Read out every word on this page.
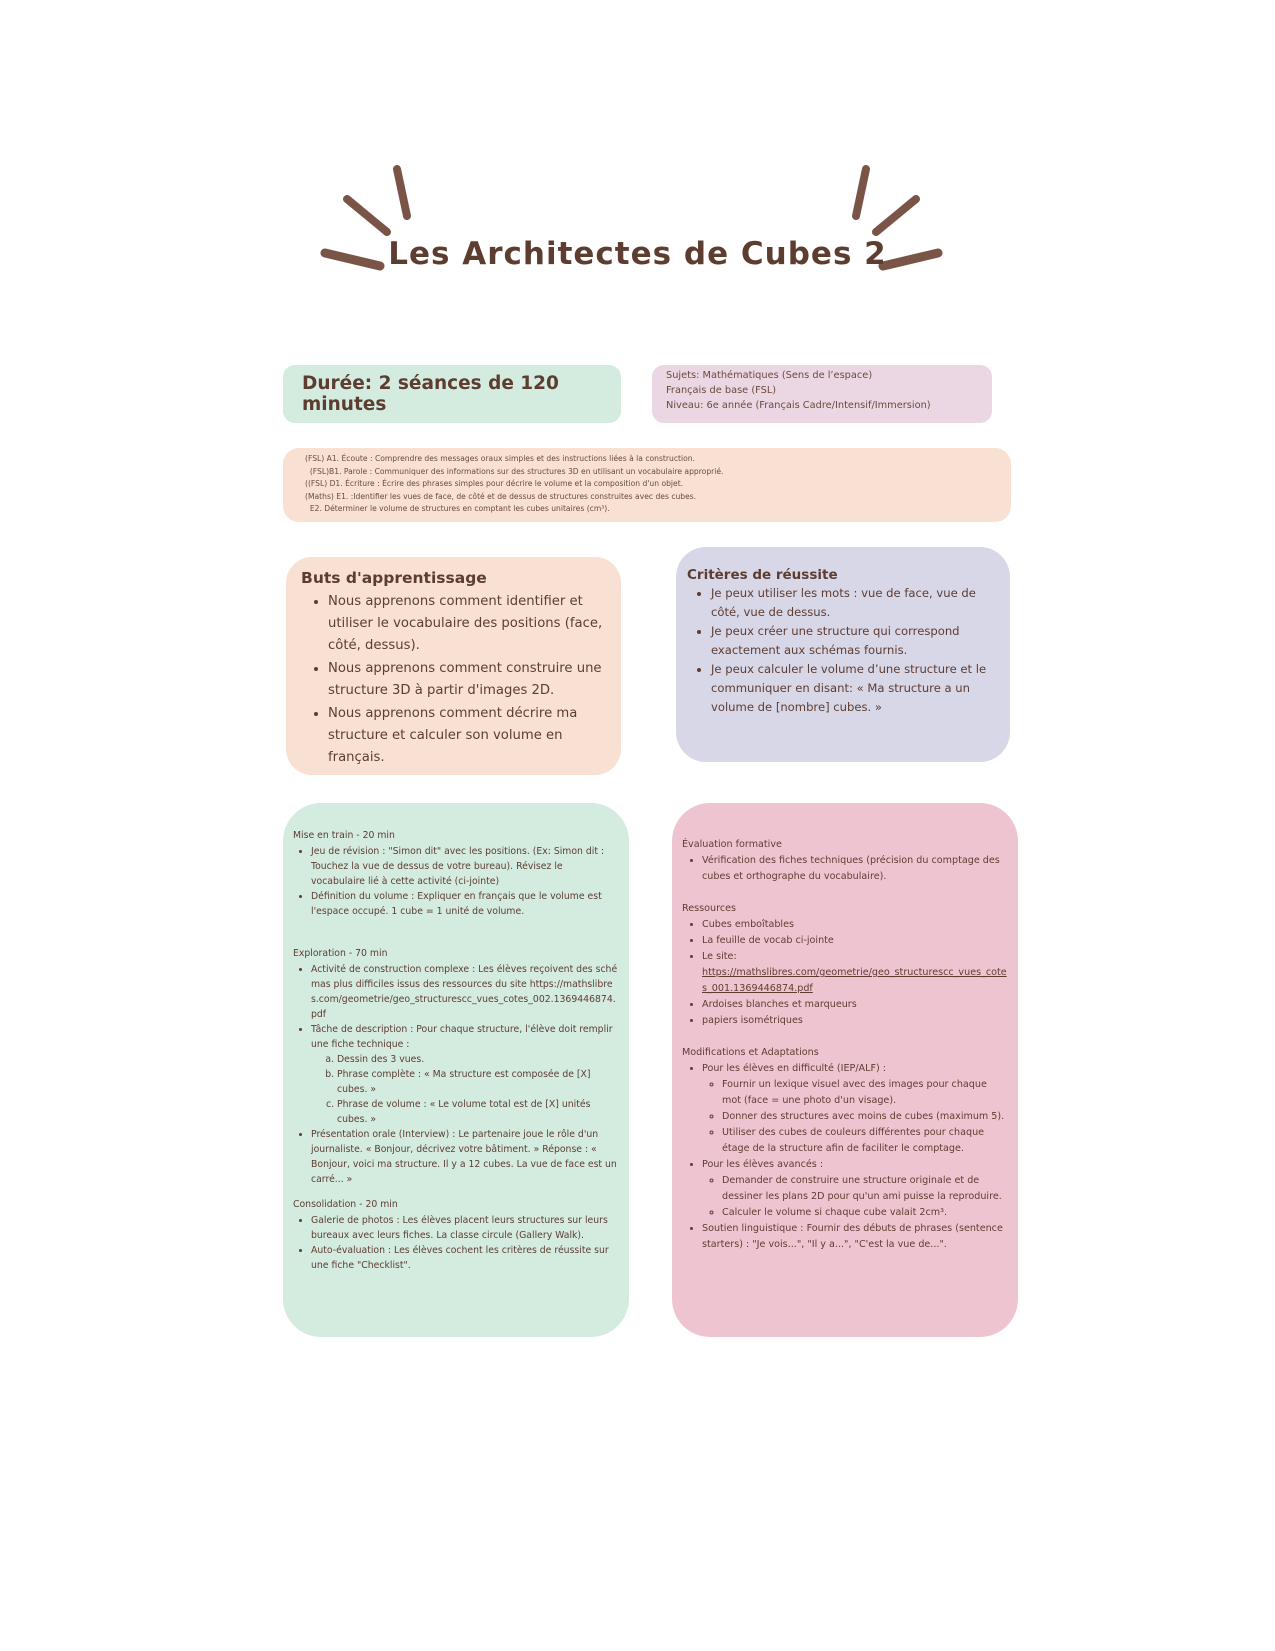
Les Architectes de Cubes 2
Durée: 2 séances de 120 minutes
Sujets: Mathématiques (Sens de l’espace)
Français de base (FSL)
Niveau: 6e année (Français Cadre/Intensif/Immersion)
(FSL) A1. Écoute : Comprendre des messages oraux simples et des instructions liées à la construction.
(FSL)B1. Parole : Communiquer des informations sur des structures 3D en utilisant un vocabulaire approprié.
((FSL) D1. Écriture : Écrire des phrases simples pour décrire le volume et la composition d'un objet.
(Maths) E1. :Identifier les vues de face, de côté et de dessus de structures construites avec des cubes.
E2. Déterminer le volume de structures en comptant les cubes unitaires (cm³).
Buts d'apprentissage
• Nous apprenons comment identifier et utiliser le vocabulaire des positions (face, côté, dessus).
• Nous apprenons comment construire une structure 3D à partir d'images 2D.
• Nous apprenons comment décrire ma structure et calculer son volume en français.
Critères de réussite
• Je peux utiliser les mots : vue de face, vue de côté, vue de dessus.
• Je peux créer une structure qui correspond exactement aux schémas fournis.
• Je peux calculer le volume d’une structure et le communiquer en disant: « Ma structure a un volume de [nombre] cubes. »

Mise en train - 20 min

• Jeu de révision : "Simon dit" avec les positions. (Ex: Simon dit : Touchez la vue de dessus de votre bureau). Révisez le vocabulaire lié à cette activité (ci-jointe)
• Définition du volume : Expliquer en français que le volume est l'espace occupé. 1 cube = 1 unité de volume.

Exploration - 70 min

• Activité de construction complexe : Les élèves reçoivent des schémas plus difficiles issus des ressources du site https://mathslibres.com/geometrie/geo_structurescc_vues_cotes_002.1369446874.pdf
• Tâche de description : Pour chaque structure, l'élève doit remplir une fiche technique :
a. Dessin des 3 vues.
b. Phrase complète : « Ma structure est composée de [X] cubes. »
c. Phrase de volume : « Le volume total est de [X] unités cubes. »
• Présentation orale (Interview) : Le partenaire joue le rôle d'un journaliste. « Bonjour, décrivez votre bâtiment. » Réponse : « Bonjour, voici ma structure. Il y a 12 cubes. La vue de face est un carré... »

Consolidation - 20 min

• Galerie de photos : Les élèves placent leurs structures sur leurs bureaux avec leurs fiches. La classe circule (Gallery Walk).
• Auto-évaluation : Les élèves cochent les critères de réussite sur une fiche "Checklist".

Évaluation formative

• Vérification des fiches techniques (précision du comptage des cubes et orthographe du vocabulaire).

Ressources

• Cubes emboîtables
• La feuille de vocab ci-jointe
• Le site:
https://mathslibres.com/geometrie/geo_structurescc_vues_cotes_001.1369446874.pdf
• Ardoises blanches et marqueurs
• papiers isométriques

Modifications et Adaptations

• Pour les élèves en difficulté (IEP/ALF) :
◦ Fournir un lexique visuel avec des images pour chaque mot (face = une photo d'un visage).
◦ Donner des structures avec moins de cubes (maximum 5).
◦ Utiliser des cubes de couleurs différentes pour chaque étage de la structure afin de faciliter le comptage.
• Pour les élèves avancés :
◦ Demander de construire une structure originale et de dessiner les plans 2D pour qu'un ami puisse la reproduire.
◦ Calculer le volume si chaque cube valait 2cm³.
• Soutien linguistique : Fournir des débuts de phrases (sentence starters) : "Je vois...", "Il y a...", "C'est la vue de...".
